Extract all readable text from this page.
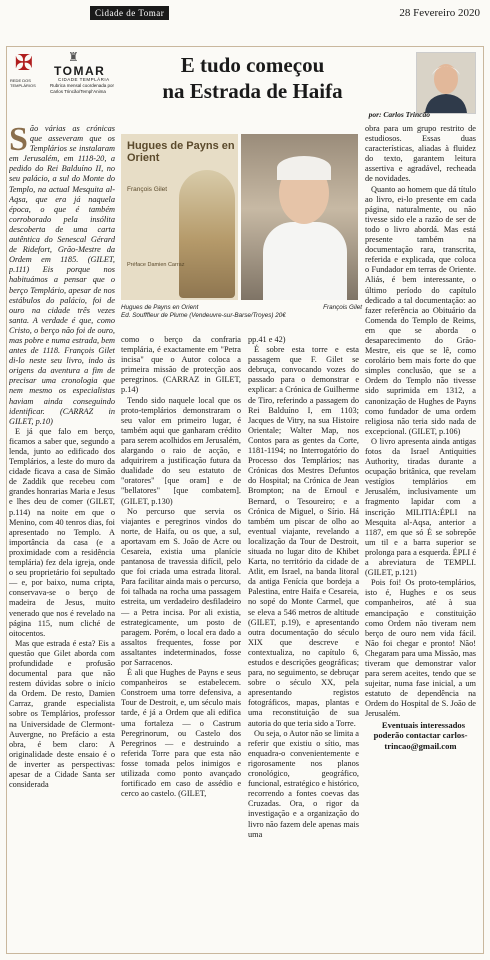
Cidade de Tomar	28 Fevereiro 2020
✠	♜
TOMAR
CIDADE TEMPLÁRIA
Rubrica mensal coordenada por Carlos Trincão/Templ'Anima
REDE DOS TEMPLÁRIOS
E tudo começou
na Estrada de Haifa
por: Carlos Trincão

São várias as crónicas que asseveram que os Templários se instalaram em Jerusalém, em 1118-20, a pedido do Rei Balduíno II, no seu palácio, a sul do Monte do Templo, na actual Mesquita al-Aqsa, que era já naquela época, o que é também corroborado pela insólita descoberta de uma carta autêntica do Senescal Gérard de Ridefort, Grão-Mestre da Ordem em 1185. (GILET, p.111) Eis porque nos habituámos a pensar que o berço Templário, apesar de nos estábulos do palácio, foi de ouro na cidade três vezes santa. A verdade é que, como Cristo, o berço não foi de ouro, mas pobre e numa estrada, bem antes de 1118. François Gilet di-lo neste seu livro, indo às origens da aventura a fim de precisar uma cronologia que nem mesmo os especialistas haviam ainda conseguindo identificar. (CARRAZ in GILET, p.10)

E já que falo em berço, ficamos a saber que, segundo a lenda, junto ao edificado dos Templários, a leste do muro da cidade ficava a casa de Simão de Zaddik que recebeu com grandes honrarias Maria e Jesus e lhes deu de comer (GILET, p.114) na noite em que o Menino, com 40 tenros dias, foi apresentado no Templo. A importância da casa (e a proximidade com a residência templária) fez dela igreja, onde o seu proprietário foi sepultado — e, por baixo, numa cripta, conservava-se o berço de madeira de Jesus, muito venerado que nos é revelado na página 115, num cliché de oitocentos.

Mas que estrada é esta? Eis a questão que Gilet aborda com profundidade e profusão documental para que não restem dúvidas sobre o início da Ordem. De resto, Damien Carraz, grande especialista sobre os Templários, professor na Universidade de Clermont-Auvergne, no Prefácio a esta obra, é bem claro: A originalidade deste ensaio é o de inverter as perspectivas: apesar de a Cidade Santa ser considerada

Hugues de Payns en Orient
François Gilet
Préface Damien Carraz
Hugues de Payns en Orient
Ed. Soufffleur de Plume (Vendeuvre-sur-Barse/Troyes) 20€
François Gilet

como o berço da confraria templária, é exactamente em "Petra incisa" que o Autor coloca a primeira missão de protecção aos peregrinos. (CARRAZ in GILET, p.14)

Tendo sido naquele local que os proto-templários demonstraram o seu valor em primeiro lugar, é também aqui que ganharam crédito para serem acolhidos em Jerusalém, alargando o raio de acção, e adquirirem a justificação futura da dualidade do seu estatuto de "oratores" [que oram] e de "bellatores" [que combatem]. (GILET, p.130)

No percurso que servia os viajantes e peregrinos vindos do norte, de Haifa, ou os que, a sul, aportavam em S. João de Acre ou Cesareia, existia uma planície pantanosa de travessia difícil, pelo que foi criada uma estrada litoral. Para facilitar ainda mais o percurso, foi talhada na rocha uma passagem estreita, um verdadeiro desfiladeiro — a Petra incisa. Por ali existia, estrategicamente, um posto de paragem. Porém, o local era dado a assaltos frequentes, fosse por assaltantes indeterminados, fosse por Sarracenos.

É ali que Hughes de Payns e seus companheiros se estabelecem. Constroem uma torre defensiva, a Tour de Destroit, e, um século mais tarde, é já a Ordem que ali edifica uma fortaleza — o Castrum Peregrinorum, ou Castelo dos Peregrinos — e destruindo a referida Torre para que esta não fosse tomada pelos inimigos e utilizada como ponto avançado fortificado em caso de assédio e cerco ao castelo. (GILET,

pp.41 e 42)

É sobre esta torre e esta passagem que F. Gilet se debruça, convocando vozes do passado para o demonstrar e explicar: a Crónica de Guilherme de Tiro, referindo a passagem do Rei Balduíno I, em 1103; Jacques de Vitry, na sua Histoire Orientale; Walter Map, nos Contos para as gentes da Corte, 1181-1194; no Interrogatório do Processo dos Templários; nas Crónicas dos Mestres Defuntos do Hospital; na Crónica de Jean Brompton; na de Ernoul e Bernard, o Tesoureiro; e a Crónica de Miguel, o Sírio. Há também um piscar de olho ao eventual viajante, revelando a localização da Tour de Destroit, situada no lugar dito de Khibet Karta, no território da cidade de Atlit, em Israel, na banda litoral da antiga Fenícia que bordeja a Palestina, entre Haifa e Cesareia, no sopé do Monte Carmel, que se eleva a 546 metros de altitude (GILET, p.19), e apresentando outra documentação do século XIX que descreve e contextualiza, no capítulo 6, estudos e descrições geográficas; para, no seguimento, se debruçar sobre o século XX, pela apresentando registos fotográficos, mapas, plantas e uma reconstituição de sua autoria do que teria sido a Torre.

Ou seja, o Autor não se limita a referir que existiu o sítio, mas enquadra-o convenientemente e rigorosamente nos planos cronológico, geográfico, funcional, estratégico e histórico, recorrendo a fontes coevas das Cruzadas. Ora, o rigor da investigação e a organização do livro não fazem dele apenas mais uma

obra para um grupo restrito de estudiosos. Essas duas características, aliadas à fluidez do texto, garantem leitura assertiva e agradável, recheada de novidades.

Quanto ao homem que dá título ao livro, ei-lo presente em cada página, naturalmente, ou não tivesse sido ele a razão de ser de todo o livro abordá. Mas está presente também na documentação rara, transcrita, referida e explicada, que coloca o Fundador em terras de Oriente. Aliás, é bem interessante, o último período do capítulo dedicado a tal documentação: ao fazer referência ao Obituário da Comenda do Templo de Reims, em que se aborda o desaparecimento do Grão-Mestre, eis que se lê, como corolário bem mais forte do que simples conclusão, que se a Ordem do Templo não tivesse sido suprimida em 1312, a canonização de Hughes de Payns como fundador de uma ordem religiosa não teria sido nada de excepcional. (GILET, p.106)

O livro apresenta ainda antigas fotos da Israel Antiquities Authority, tiradas durante a ocupação britânica, que revelam vestígios templários em Jerusalém, inclusivamente um fragmento lapidar com a inscrição MILITIA:ÉPLI na Mesquita al-Aqsa, anterior a 1187, em que só É se sobrepõe um til e a barra superior se prolonga para a esquerda. ÉPLI é a abreviatura de TEMPLI. (GILET, p.121)

Pois foi! Os proto-templários, isto é, Hughes e os seus companheiros, até à sua emancipação e constituição como Ordem não tiveram nem berço de ouro nem vida fácil. Não foi chegar e pronto! Não! Chegaram para uma Missão, mas tiveram que demonstrar valor para serem aceites, tendo que se sujeitar, numa fase inicial, a um estatuto de dependência na Ordem do Hospital de S. João de Jerusalém.

Eventuais interessados poderão contactar carlos-trincao@gmail.com
